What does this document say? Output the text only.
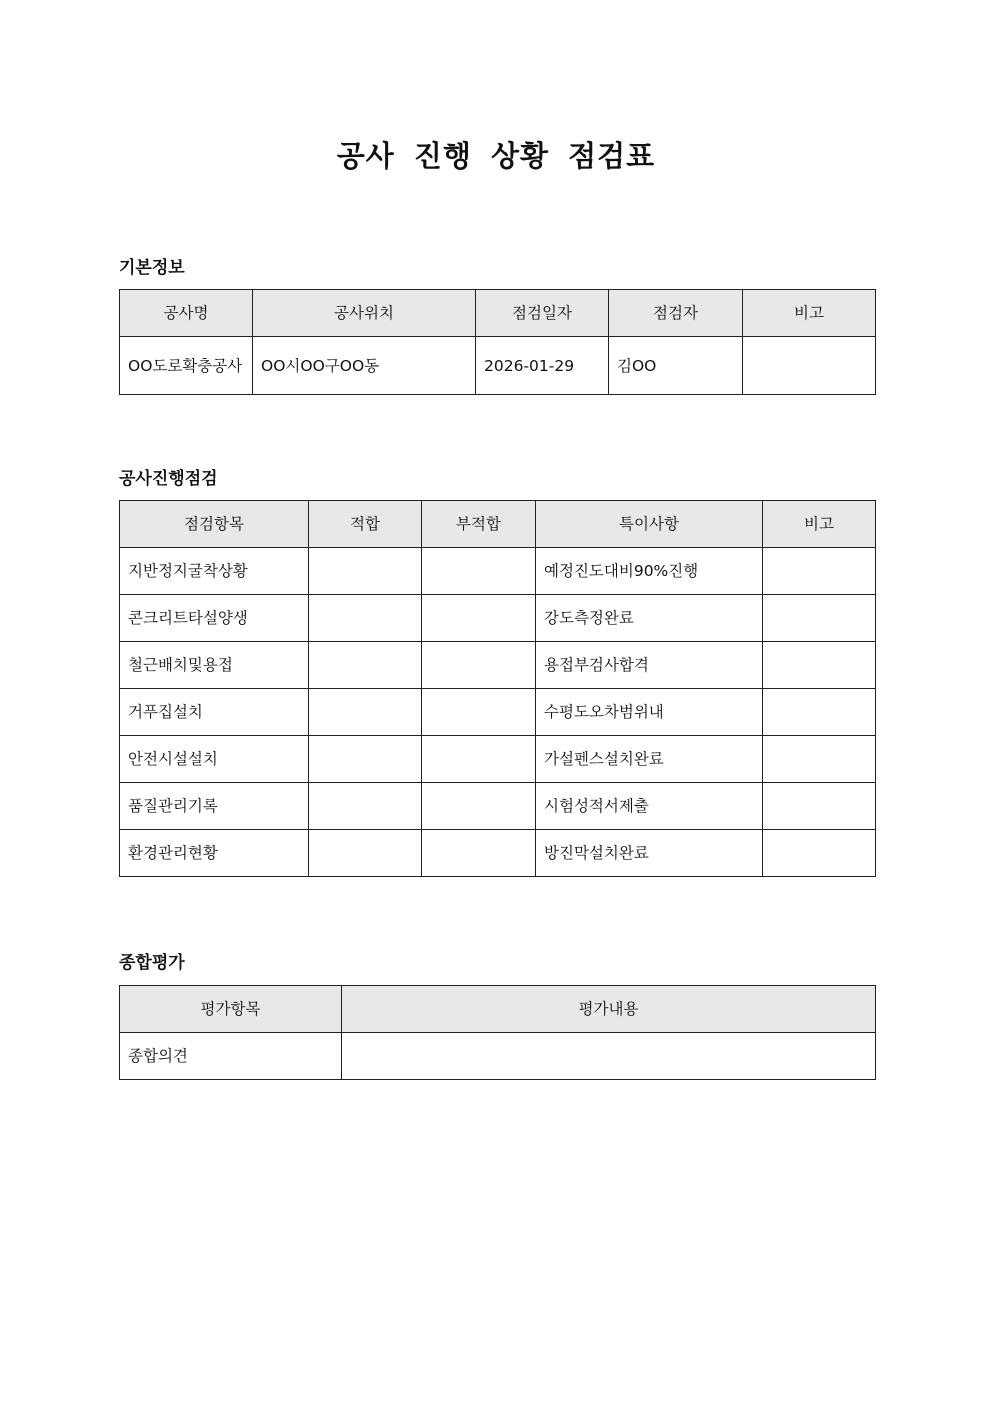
공사 진행 상황 점검표
기본정보
공사명	공사위치	점검일자	점검자	비고
OO도로확충공사	OO시OO구OO동	2026-01-29	김OO	
공사진행점검
점검항목	적합	부적합	특이사항	비고
지반정지굴착상황			예정진도대비90%진행	
콘크리트타설양생			강도측정완료	
철근배치및용접			용접부검사합격	
거푸집설치			수평도오차범위내	
안전시설설치			가설펜스설치완료	
품질관리기록			시험성적서제출	
환경관리현황			방진막설치완료	
종합평가
평가항목	평가내용
종합의견	
